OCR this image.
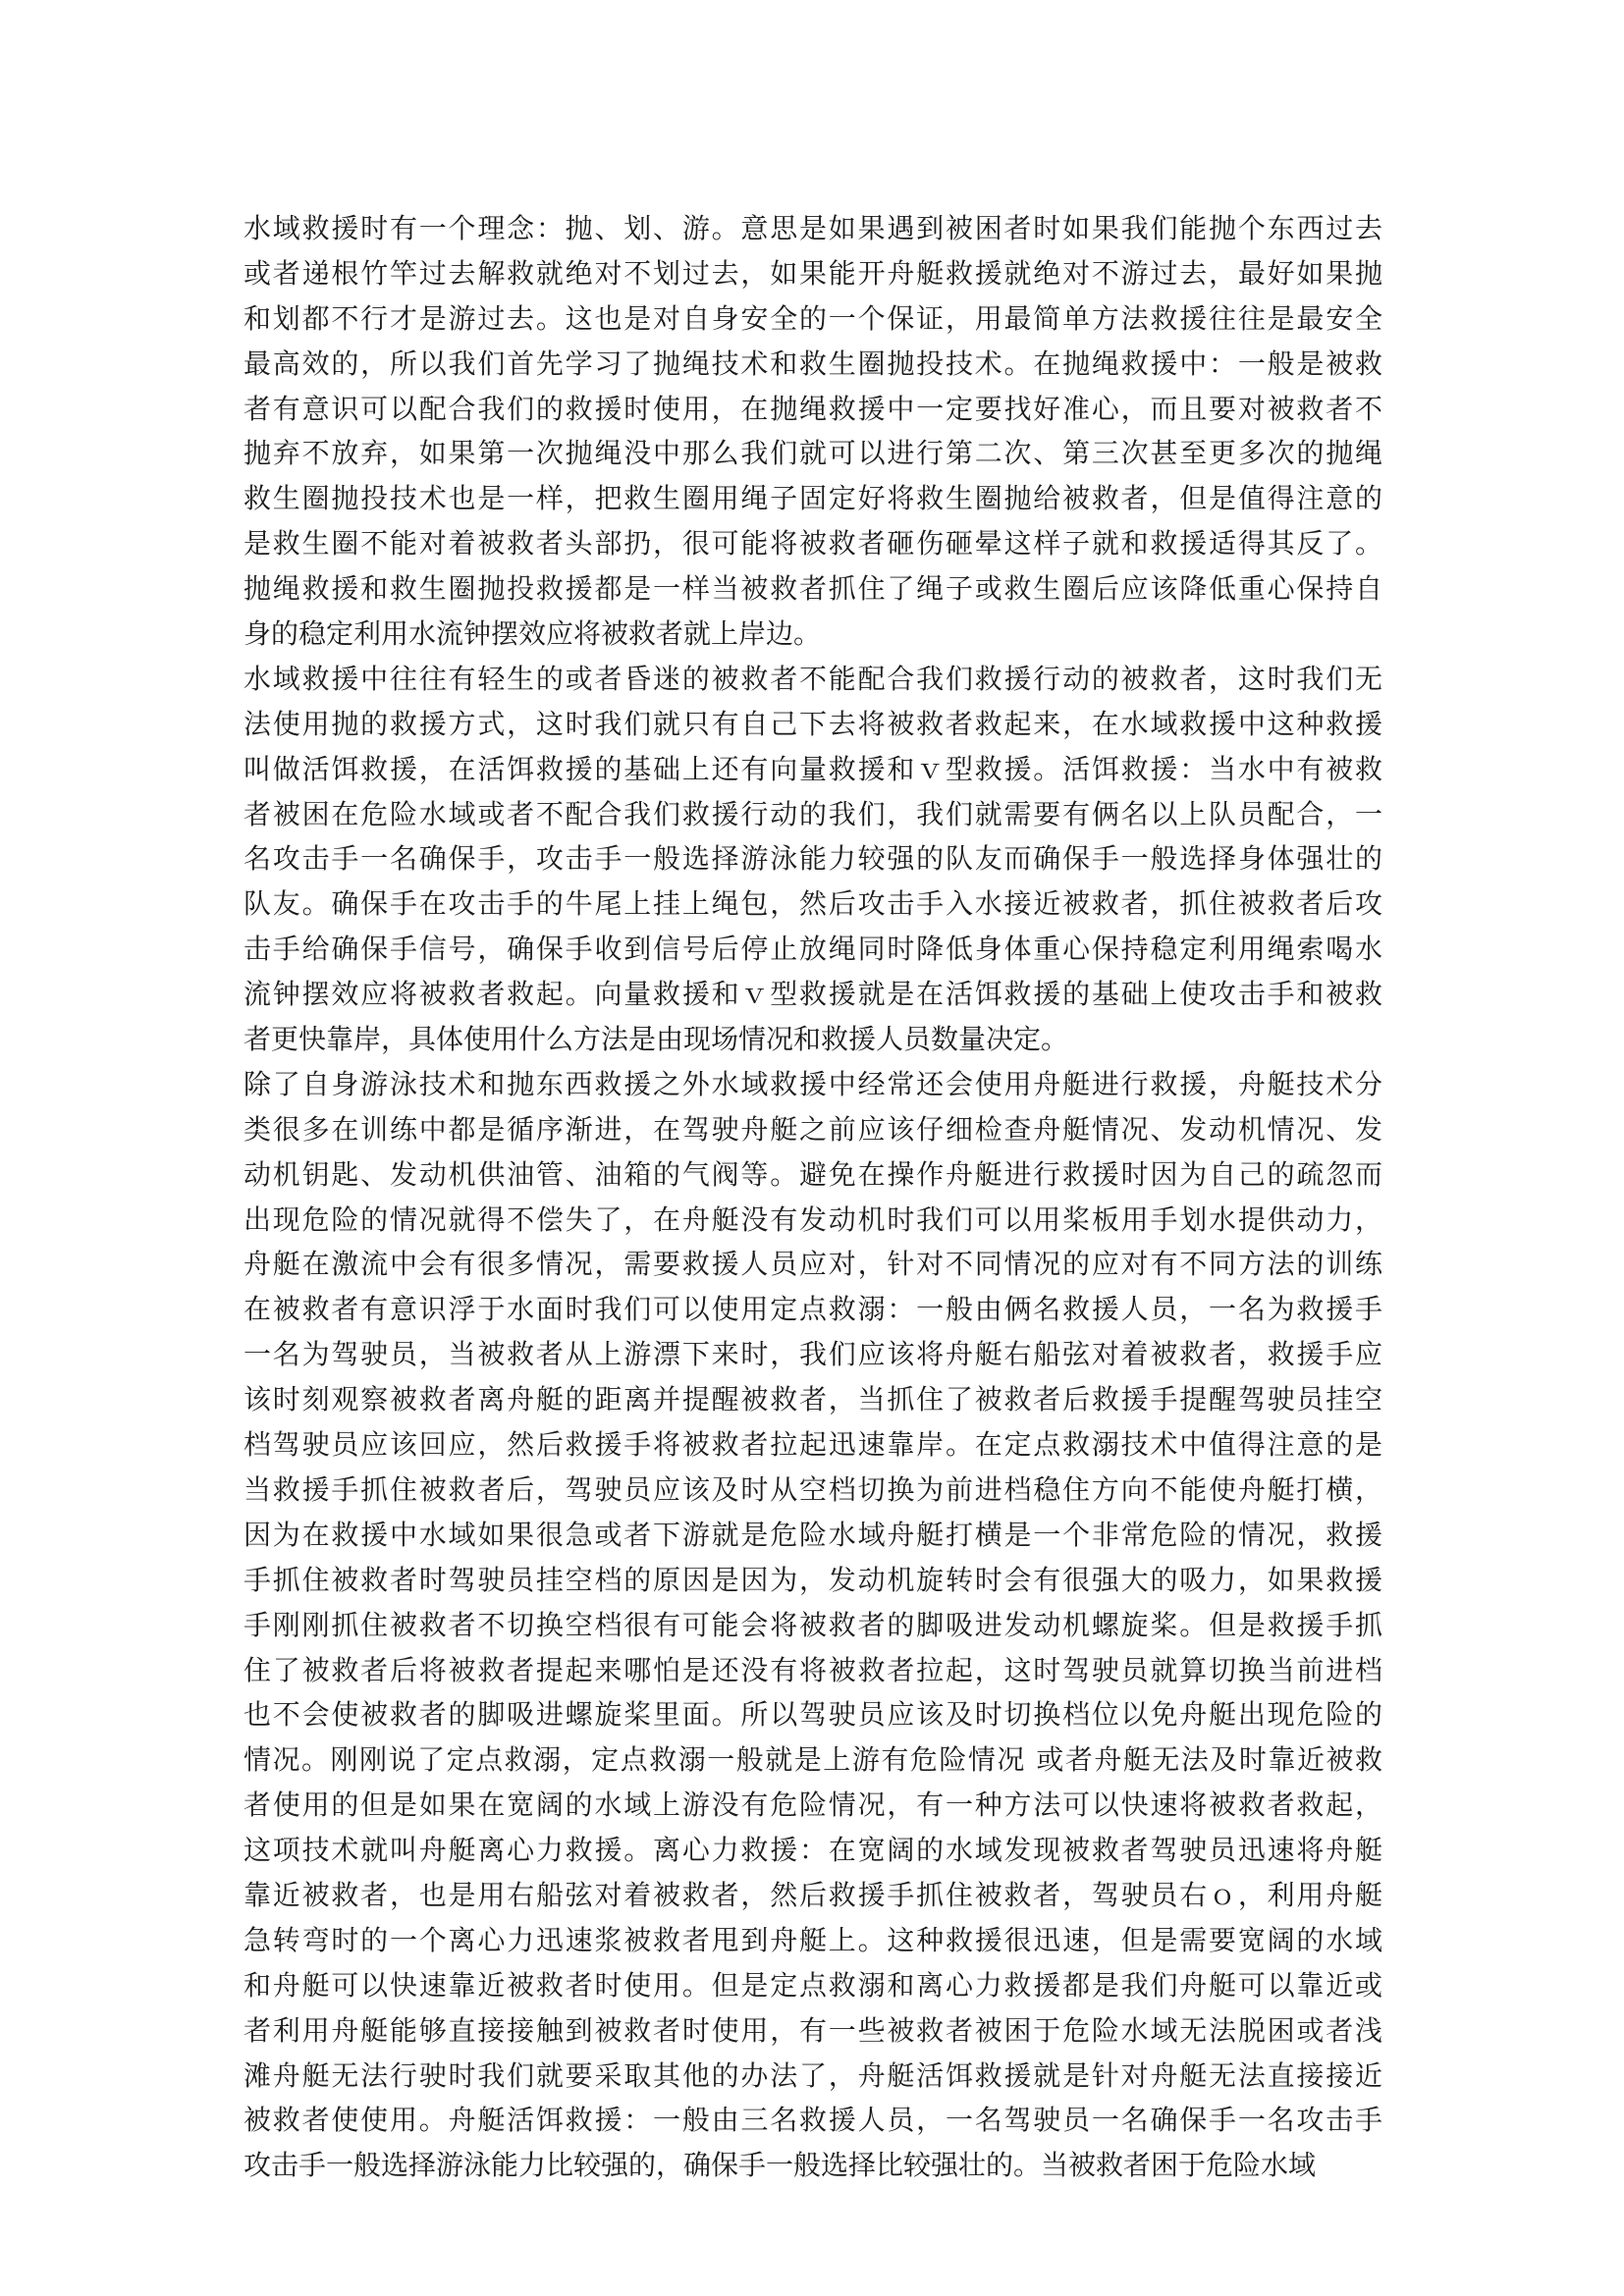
水域救援时有一个理念：抛、划、游。意思是如果遇到被困者时如果我们能抛个东西过去
或者递根竹竿过去解救就绝对不划过去，如果能开舟艇救援就绝对不游过去，最好如果抛
和划都不行才是游过去。这也是对自身安全的一个保证，用最简单方法救援往往是最安全
最高效的，所以我们首先学习了抛绳技术和救生圈抛投技术。在抛绳救援中：一般是被救
者有意识可以配合我们的救援时使用，在抛绳救援中一定要找好准心，而且要对被救者不
抛弃不放弃，如果第一次抛绳没中那么我们就可以进行第二次、第三次甚至更多次的抛绳
救生圈抛投技术也是一样，把救生圈用绳子固定好将救生圈抛给被救者，但是值得注意的
是救生圈不能对着被救者头部扔，很可能将被救者砸伤砸晕这样子就和救援适得其反了。
抛绳救援和救生圈抛投救援都是一样当被救者抓住了绳子或救生圈后应该降低重心保持自
身的稳定利用水流钟摆效应将被救者就上岸边。
水域救援中往往有轻生的或者昏迷的被救者不能配合我们救援行动的被救者，这时我们无
法使用抛的救援方式，这时我们就只有自己下去将被救者救起来，在水域救援中这种救援
叫做活饵救援，在活饵救援的基础上还有向量救援和ｖ型救援。活饵救援：当水中有被救
者被困在危险水域或者不配合我们救援行动的我们，我们就需要有俩名以上队员配合，一
名攻击手一名确保手，攻击手一般选择游泳能力较强的队友而确保手一般选择身体强壮的
队友。确保手在攻击手的牛尾上挂上绳包，然后攻击手入水接近被救者，抓住被救者后攻
击手给确保手信号，确保手收到信号后停止放绳同时降低身体重心保持稳定利用绳索喝水
流钟摆效应将被救者救起。向量救援和ｖ型救援就是在活饵救援的基础上使攻击手和被救
者更快靠岸，具体使用什么方法是由现场情况和救援人员数量决定。
除了自身游泳技术和抛东西救援之外水域救援中经常还会使用舟艇进行救援，舟艇技术分
类很多在训练中都是循序渐进，在驾驶舟艇之前应该仔细检查舟艇情况、发动机情况、发
动机钥匙、发动机供油管、油箱的气阀等。避免在操作舟艇进行救援时因为自己的疏忽而
出现危险的情况就得不偿失了，在舟艇没有发动机时我们可以用桨板用手划水提供动力，
舟艇在激流中会有很多情况，需要救援人员应对，针对不同情况的应对有不同方法的训练
在被救者有意识浮于水面时我们可以使用定点救溺：一般由俩名救援人员，一名为救援手
一名为驾驶员，当被救者从上游漂下来时，我们应该将舟艇右船弦对着被救者，救援手应
该时刻观察被救者离舟艇的距离并提醒被救者，当抓住了被救者后救援手提醒驾驶员挂空
档驾驶员应该回应，然后救援手将被救者拉起迅速靠岸。在定点救溺技术中值得注意的是
当救援手抓住被救者后，驾驶员应该及时从空档切换为前进档稳住方向不能使舟艇打横，
因为在救援中水域如果很急或者下游就是危险水域舟艇打横是一个非常危险的情况，救援
手抓住被救者时驾驶员挂空档的原因是因为，发动机旋转时会有很强大的吸力，如果救援
手刚刚抓住被救者不切换空档很有可能会将被救者的脚吸进发动机螺旋桨。但是救援手抓
住了被救者后将被救者提起来哪怕是还没有将被救者拉起，这时驾驶员就算切换当前进档
也不会使被救者的脚吸进螺旋桨里面。所以驾驶员应该及时切换档位以免舟艇出现危险的
情况。刚刚说了定点救溺，定点救溺一般就是上游有危险情况 或者舟艇无法及时靠近被救
者使用的但是如果在宽阔的水域上游没有危险情况，有一种方法可以快速将被救者救起，
这项技术就叫舟艇离心力救援。离心力救援：在宽阔的水域发现被救者驾驶员迅速将舟艇
靠近被救者，也是用右船弦对着被救者，然后救援手抓住被救者，驾驶员右ｏ，利用舟艇
急转弯时的一个离心力迅速浆被救者甩到舟艇上。这种救援很迅速，但是需要宽阔的水域
和舟艇可以快速靠近被救者时使用。但是定点救溺和离心力救援都是我们舟艇可以靠近或
者利用舟艇能够直接接触到被救者时使用，有一些被救者被困于危险水域无法脱困或者浅
滩舟艇无法行驶时我们就要采取其他的办法了，舟艇活饵救援就是针对舟艇无法直接接近
被救者使使用。舟艇活饵救援：一般由三名救援人员，一名驾驶员一名确保手一名攻击手
攻击手一般选择游泳能力比较强的，确保手一般选择比较强壮的。当被救者困于危险水域
